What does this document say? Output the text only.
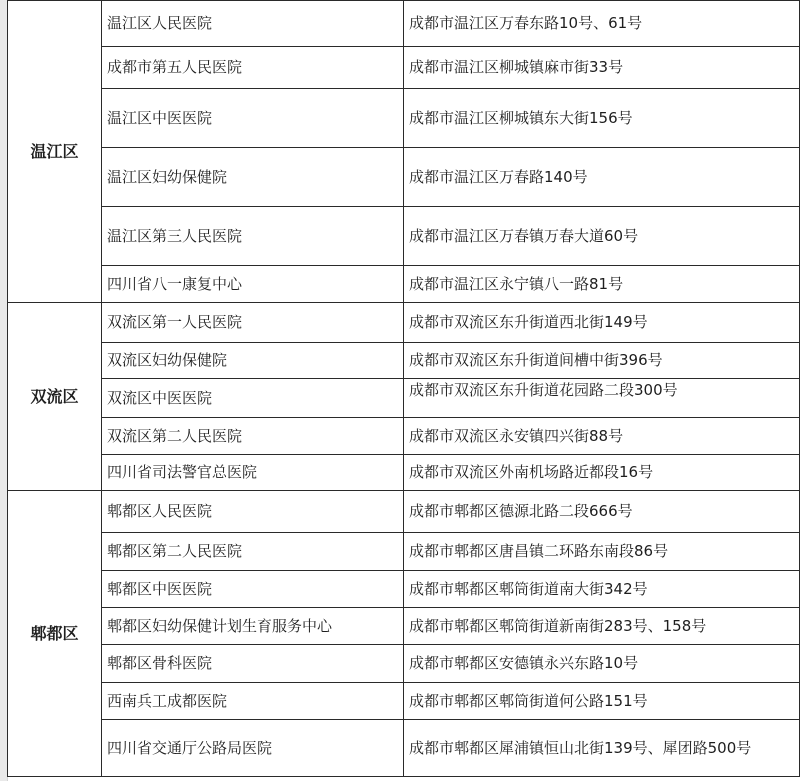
温江区	温江区人民医院	成都市温江区万春东路10号、61号
	成都市第五人民医院	成都市温江区柳城镇麻市街33号
	温江区中医医院	成都市温江区柳城镇东大街156号
	温江区妇幼保健院	成都市温江区万春路140号
	温江区第三人民医院	成都市温江区万春镇万春大道60号
	四川省八一康复中心	成都市温江区永宁镇八一路81号
双流区	双流区第一人民医院	成都市双流区东升街道西北街149号
	双流区妇幼保健院	成都市双流区东升街道间槽中街396号
	双流区中医医院	成都市双流区东升街道花园路二段300号
	双流区第二人民医院	成都市双流区永安镇四兴街88号
	四川省司法警官总医院	成都市双流区外南机场路近都段16号
郫都区	郫都区人民医院	成都市郫都区德源北路二段666号
	郫都区第二人民医院	成都市郫都区唐昌镇二环路东南段86号
	郫都区中医医院	成都市郫都区郫筒街道南大街342号
	郫都区妇幼保健计划生育服务中心	成都市郫都区郫筒街道新南街283号、158号
	郫都区骨科医院	成都市郫都区安德镇永兴东路10号
	西南兵工成都医院	成都市郫都区郫筒街道何公路151号
	四川省交通厅公路局医院	成都市郫都区犀浦镇恒山北街139号、犀团路500号
